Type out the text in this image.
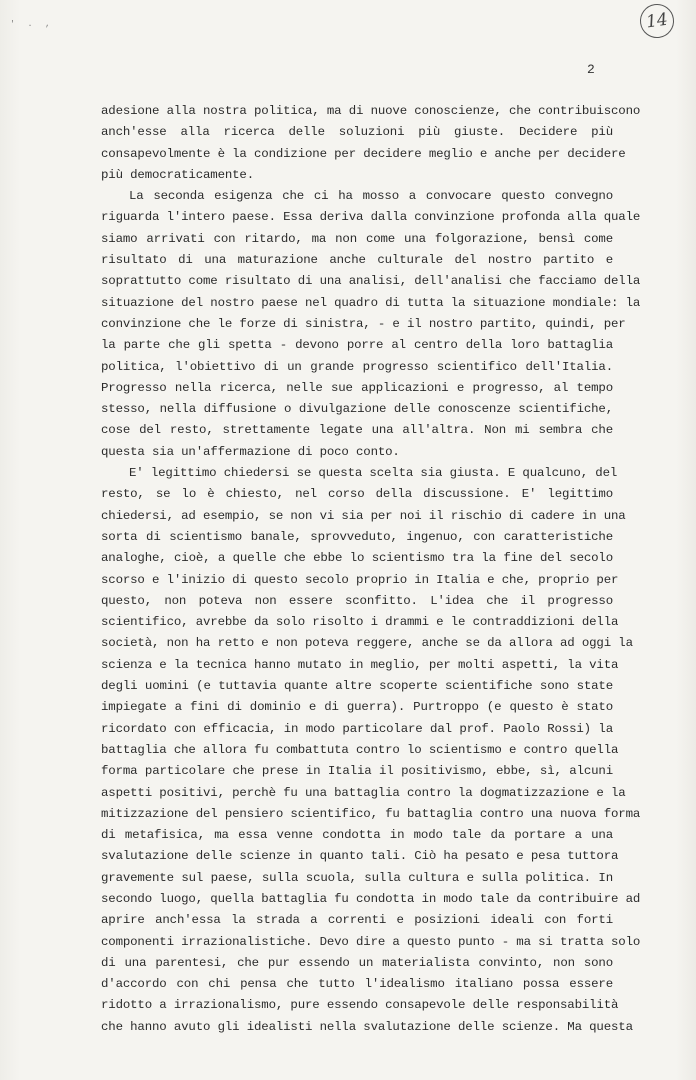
' . ,	14
2
adesione alla nostra politica, ma di nuove conoscienze, che contribuiscono
anch'esse alla ricerca delle soluzioni più giuste. Decidere più
consapevolmente è la condizione per decidere meglio e anche per decidere
più democraticamente.
La seconda esigenza che ci ha mosso a convocare questo convegno
riguarda l'intero paese. Essa deriva dalla convinzione profonda alla quale
siamo arrivati con ritardo, ma non come una folgorazione, bensì come
risultato di una maturazione anche culturale del nostro partito e
soprattutto come risultato di una analisi, dell'analisi che facciamo della
situazione del nostro paese nel quadro di tutta la situazione mondiale: la
convinzione che le forze di sinistra, - e il nostro partito, quindi, per
la parte che gli spetta - devono porre al centro della loro battaglia
politica, l'obiettivo di un grande progresso scientifico dell'Italia.
Progresso nella ricerca, nelle sue applicazioni e progresso, al tempo
stesso, nella diffusione o divulgazione delle conoscenze scientifiche,
cose del resto, strettamente legate una all'altra. Non mi sembra che
questa sia un'affermazione di poco conto.
E' legittimo chiedersi se questa scelta sia giusta. E qualcuno, del
resto, se lo è chiesto, nel corso della discussione. E' legittimo
chiedersi, ad esempio, se non vi sia per noi il rischio di cadere in una
sorta di scientismo banale, sprovveduto, ingenuo, con caratteristiche
analoghe, cioè, a quelle che ebbe lo scientismo tra la fine del secolo
scorso e l'inizio di questo secolo proprio in Italia e che, proprio per
questo, non poteva non essere sconfitto. L'idea che il progresso
scientifico, avrebbe da solo risolto i drammi e le contraddizioni della
società, non ha retto e non poteva reggere, anche se da allora ad oggi la
scienza e la tecnica hanno mutato in meglio, per molti aspetti, la vita
degli uomini (e tuttavia quante altre scoperte scientifiche sono state
impiegate a fini di dominio e di guerra). Purtroppo (e questo è stato
ricordato con efficacia, in modo particolare dal prof. Paolo Rossi) la
battaglia che allora fu combattuta contro lo scientismo e contro quella
forma particolare che prese in Italia il positivismo, ebbe, sì, alcuni
aspetti positivi, perchè fu una battaglia contro la dogmatizzazione e la
mitizzazione del pensiero scientifico, fu battaglia contro una nuova forma
di metafisica, ma essa venne condotta in modo tale da portare a una
svalutazione delle scienze in quanto tali. Ciò ha pesato e pesa tuttora
gravemente sul paese, sulla scuola, sulla cultura e sulla politica. In
secondo luogo, quella battaglia fu condotta in modo tale da contribuire ad
aprire anch'essa la strada a correnti e posizioni ideali con forti
componenti irrazionalistiche. Devo dire a questo punto - ma si tratta solo
di una parentesi, che pur essendo un materialista convinto, non sono
d'accordo con chi pensa che tutto l'idealismo italiano possa essere
ridotto a irrazionalismo, pure essendo consapevole delle responsabilità
che hanno avuto gli idealisti nella svalutazione delle scienze. Ma questa
